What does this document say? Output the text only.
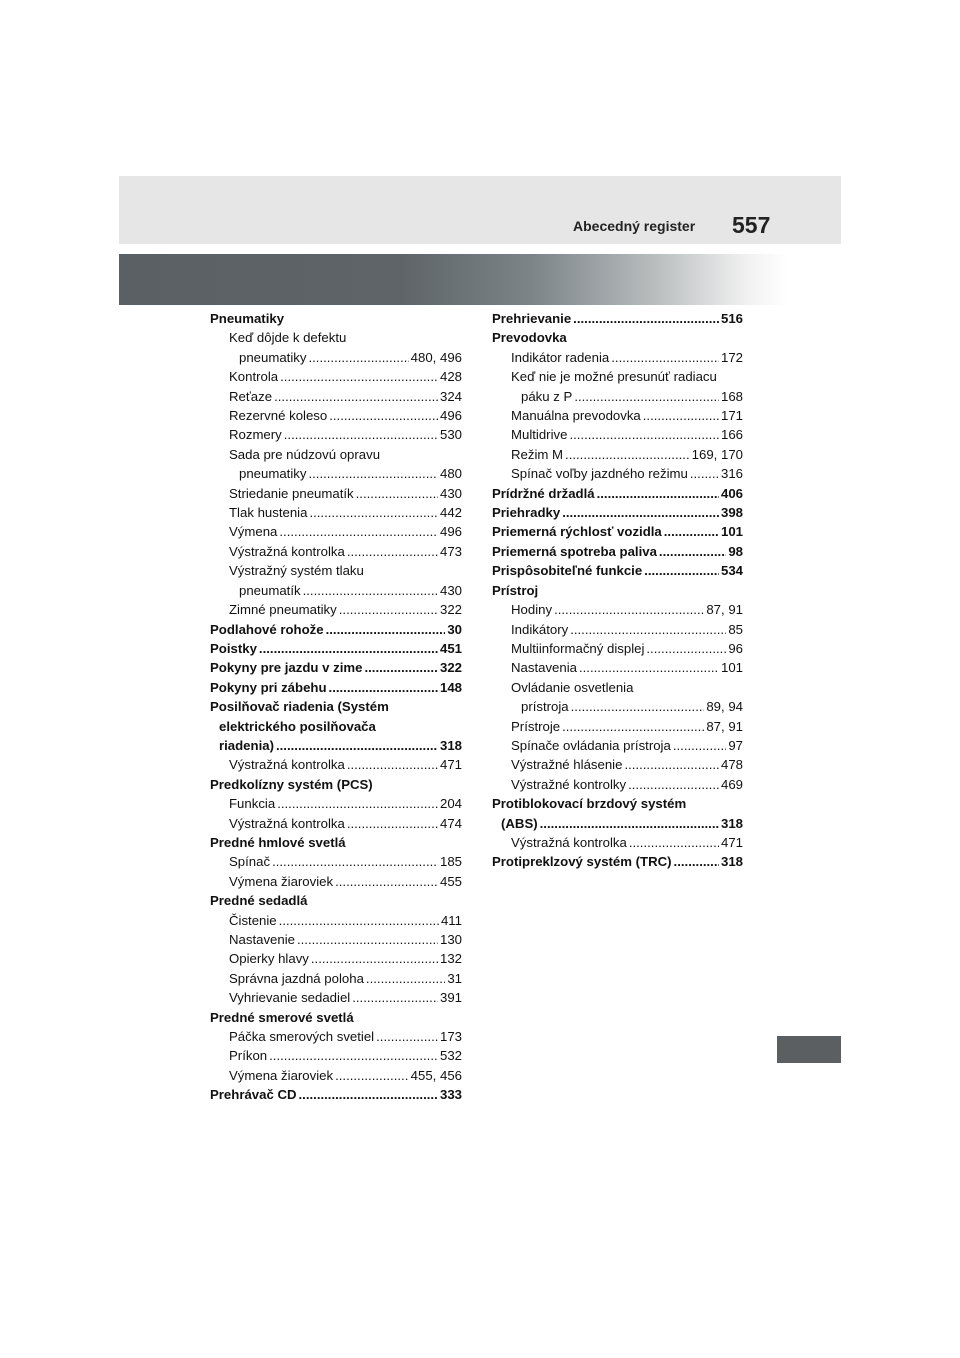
Abecedný register 557
Pneumatiky
Keď dôjde k defektu
pneumatiky .....	480, 496
Kontrola .....	428
Reťaze .....	324
Rezervné koleso .....	496
Rozmery .....	530
Sada pre núdzovú opravu
pneumatiky .....	480
Striedanie pneumatík .....	430
Tlak hustenia .....	442
Výmena .....	496
Výstražná kontrolka .....	473
Výstražný systém tlaku
pneumatík .....	430
Zimné pneumatiky .....	322
Podlahové rohože .....	30
Poistky .....	451
Pokyny pre jazdu v zime .....	322
Pokyny pri zábehu .....	148
Posilňovač riadenia (Systém
elektrického posilňovača
riadenia) .....	318
Výstražná kontrolka .....	471
Predkolízny systém (PCS)
Funkcia .....	204
Výstražná kontrolka .....	474
Predné hmlové svetlá
Spínač .....	185
Výmena žiaroviek .....	455
Predné sedadlá
Čistenie .....	411
Nastavenie .....	130
Opierky hlavy .....	132
Správna jazdná poloha .....	31
Vyhrievanie sedadiel .....	391
Predné smerové svetlá
Páčka smerových svetiel .....	173
Príkon .....	532
Výmena žiaroviek .....	455, 456
Prehrávač CD .....	333
Prehrievanie .....	516
Prevodovka
Indikátor radenia .....	172
Keď nie je možné presunúť radiacu
páku z P .....	168
Manuálna prevodovka .....	171
Multidrive .....	166
Režim M .....	169, 170
Spínač voľby jazdného režimu .....	316
Prídržné držadlá .....	406
Priehradky .....	398
Priemerná rýchlosť vozidla .....	101
Priemerná spotreba paliva .....	98
Prispôsobiteľné funkcie .....	534
Prístroj
Hodiny .....	87, 91
Indikátory .....	85
Multiinformačný displej .....	96
Nastavenia .....	101
Ovládanie osvetlenia
prístroja .....	89, 94
Prístroje .....	87, 91
Spínače ovládania prístroja .....	97
Výstražné hlásenie .....	478
Výstražné kontrolky .....	469
Protiblokovací brzdový systém
(ABS) .....	318
Výstražná kontrolka .....	471
Protipreklzový systém (TRC) .....	318
